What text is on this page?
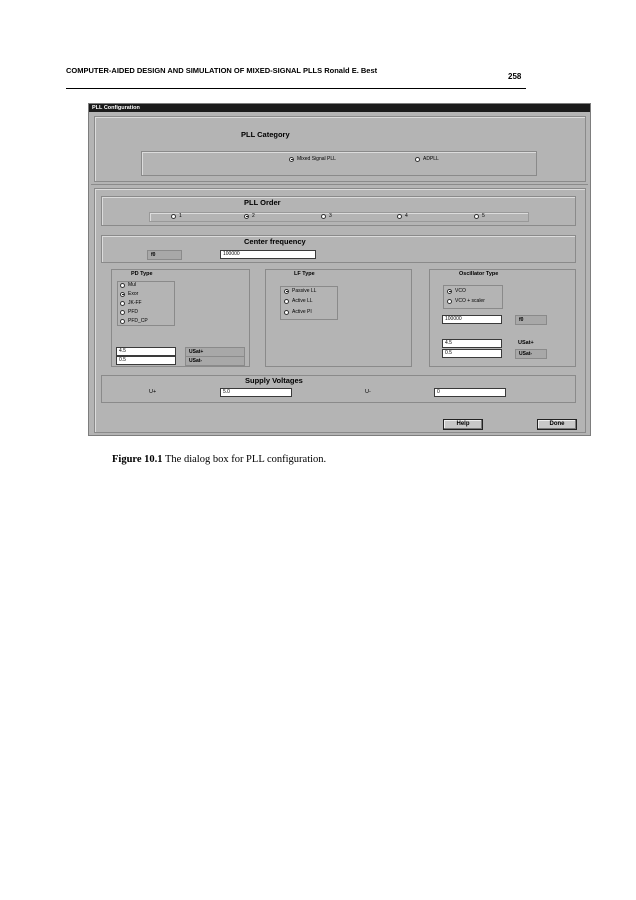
COMPUTER-AIDED DESIGN AND SIMULATION OF MIXED-SIGNAL PLLS Ronald E. Best
258
PLL Configuration
PLL Category
Mixed Signal PLL	ADPLL
PLL Order
1	2	3	4	5
Center frequency
f0	100000
PD Type
Mul
Exor
JK-FF
PFD
PFD_CP
4.5	USat+
0.5	USat-
LF Type
Passive LL
Active LL
Active PI
Oscillator Type
VCO
VCO + scaler
100000	f0
4.5	USat+
0.5	USat-
Supply Voltages
U+	5.0	U-	0
Help	Done
Figure 10.1 The dialog box for PLL configuration.
